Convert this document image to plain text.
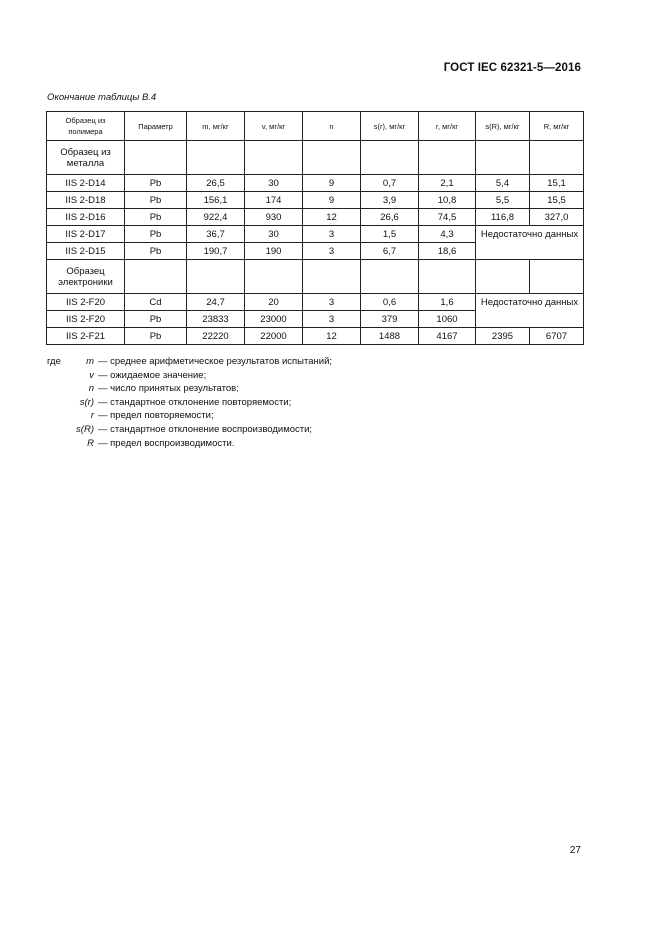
ГОСТ IEC 62321-5—2016
Окончание таблицы В.4
Образец из полимера	Параметр	m, мг/кг	v, мг/кг	n	s(r), мг/кг	r, мг/кг	s(R), мг/кг	R, мг/кг
Образец из металла								
IIS 2-D14	Pb	26,5	30	9	0,7	2,1	5,4	15,1
IIS 2-D18	Pb	156,1	174	9	3,9	10,8	5,5	15,5
IIS 2-D16	Pb	922,4	930	12	26,6	74,5	116,8	327,0
IIS 2-D17	Pb	36,7	30	3	1,5	4,3	Недостаточно данных	
IIS 2-D15	Pb	190,7	190	3	6,7	18,6		
Образец электроники								
IIS 2-F20	Cd	24,7	20	3	0,6	1,6	Недостаточно данных	
IIS 2-F20	Pb	23833	23000	3	379	1060		
IIS 2-F21	Pb	22220	22000	12	1488	4167	2395	6707
где	m — среднее арифметическое результатов испытаний;
v — ожидаемое значение;
n — число принятых результатов;
s(r) — стандартное отклонение повторяемости;
r — предел повторяемости;
s(R) — стандартное отклонение воспроизводимости;
R — предел воспроизводимости.
27
